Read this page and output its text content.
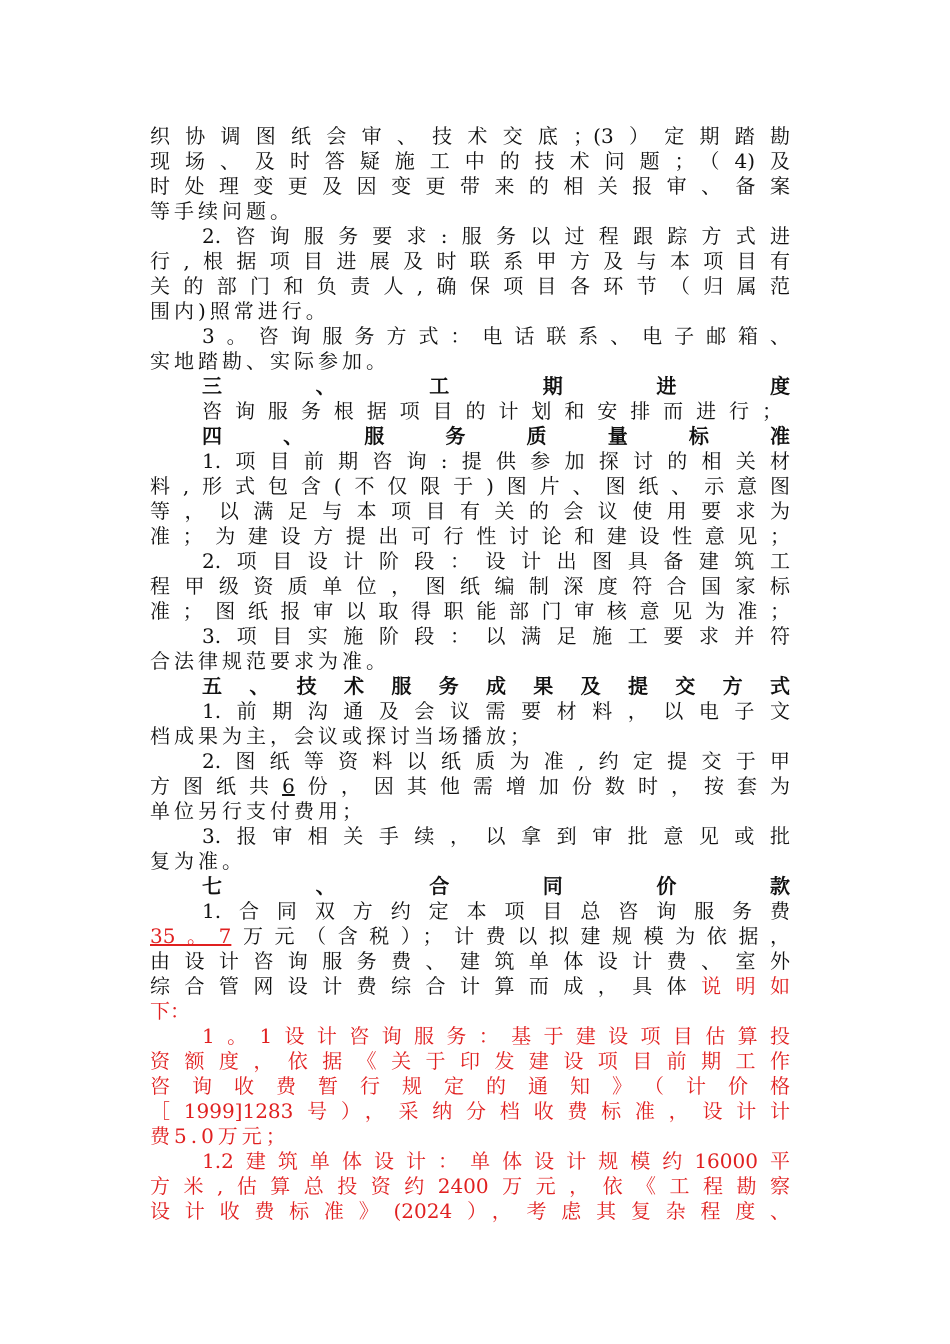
织协调图纸会审、技术交底；(3）定期踏勘
现场、及时答疑施工中的技术问题；（4)及
时处理变更及因变更带来的相关报审、备案
等手续问题。
2.咨询服务要求:服务以过程跟踪方式进
行,根据项目进展及时联系甲方及与本项目有
关的部门和负责人,确保项目各环节（归属范
围内)照常进行。
3。咨询服务方式：电话联系、电子邮箱、
实地踏勘、实际参加。
三、工期进度
咨询服务根据项目的计划和安排而进行；
四、服务质量标准
1.项目前期咨询:提供参加探讨的相关材
料,形式包含(不仅限于)图片、图纸、示意图
等，以满足与本项目有关的会议使用要求为
准；为建设方提出可行性讨论和建设性意见；
2.项目设计阶段：设计出图具备建筑工
程甲级资质单位，图纸编制深度符合国家标
准；图纸报审以取得职能部门审核意见为准；
3.项目实施阶段：以满足施工要求并符
合法律规范要求为准。
五、技术服务成果及提交方式
1.前期沟通及会议需要材料，以电子文
档成果为主，会议或探讨当场播放；
2.图纸等资料以纸质为准,约定提交于甲
方图纸共6份，因其他需增加份数时，按套为
单位另行支付费用；
3.报审相关手续，以拿到审批意见或批
复为准。
七、合同价款
1.合同双方约定本项目总咨询服务费
35。7万元（含税）；计费以拟建规模为依据，
由设计咨询服务费、建筑单体设计费、室外
综合管网设计费综合计算而成，具体说明如
下：
1。1设计咨询服务：基于建设项目估算投
资额度，依据《关于印发建设项目前期工作
咨询收费暂行规定的通知》（计价格
［1999]1283号），采纳分档收费标准，设计计
费5.0万元；
1.2建筑单体设计：单体设计规模约16000平
方米,估算总投资约2400万元，依《工程勘察
设计收费标准》(2024），考虑其复杂程度、
